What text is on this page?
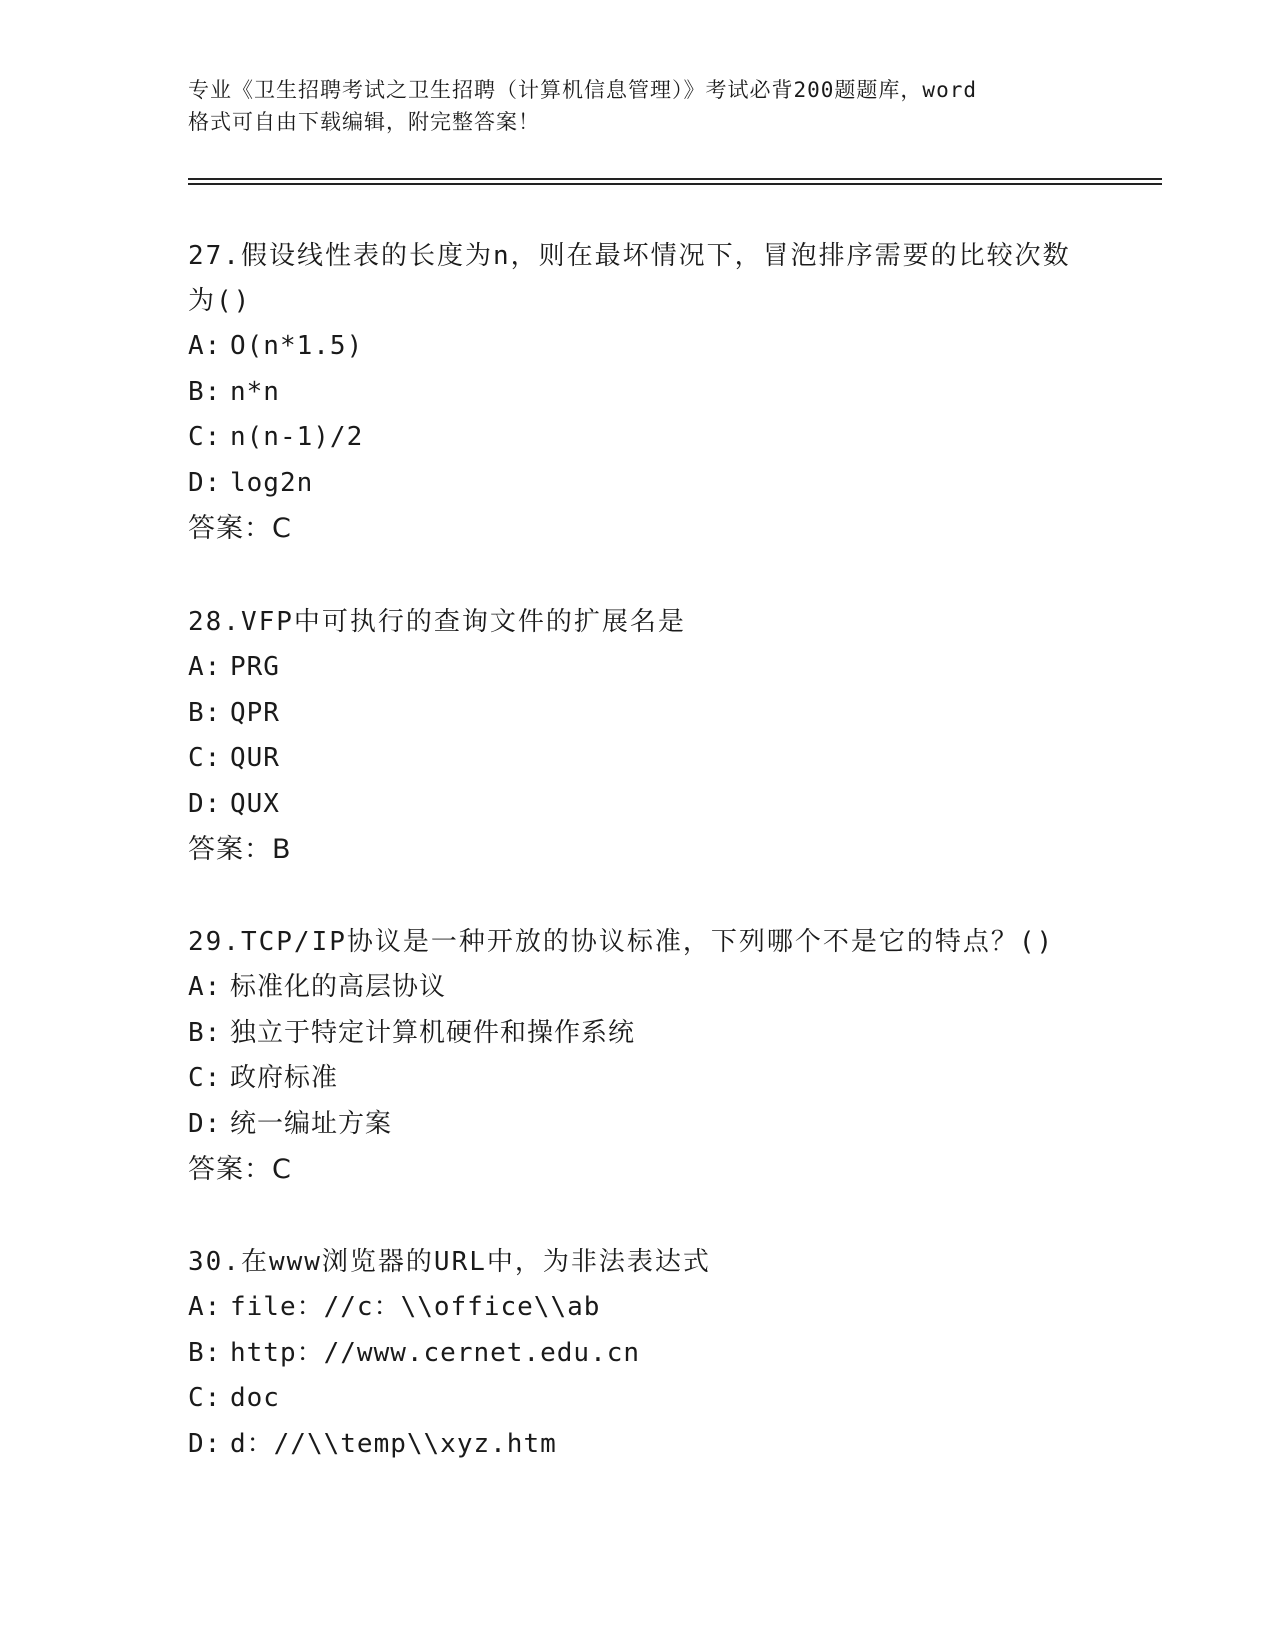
专业《卫生招聘考试之卫生招聘（计算机信息管理）》考试必背200题题库，word
格式可自由下载编辑，附完整答案！

27.假设线性表的长度为n，则在最坏情况下，冒泡排序需要的比较次数为()

A: O(n*1.5)

B: n*n

C: n(n-1)/2

D: log2n

答案：C

28.VFP中可执行的查询文件的扩展名是

A: PRG

B: QPR

C: QUR

D: QUX

答案：B

29.TCP/IP协议是一种开放的协议标准，下列哪个不是它的特点？()

A: 标准化的高层协议

B: 独立于特定计算机硬件和操作系统

C: 政府标准

D: 统一编址方案

答案：C

30.在www浏览器的URL中，为非法表达式

A: file：//c：\\office\\ab

B: http：//www.cernet.edu.cn

C: doc

D: d：//\\temp\\xyz.htm
